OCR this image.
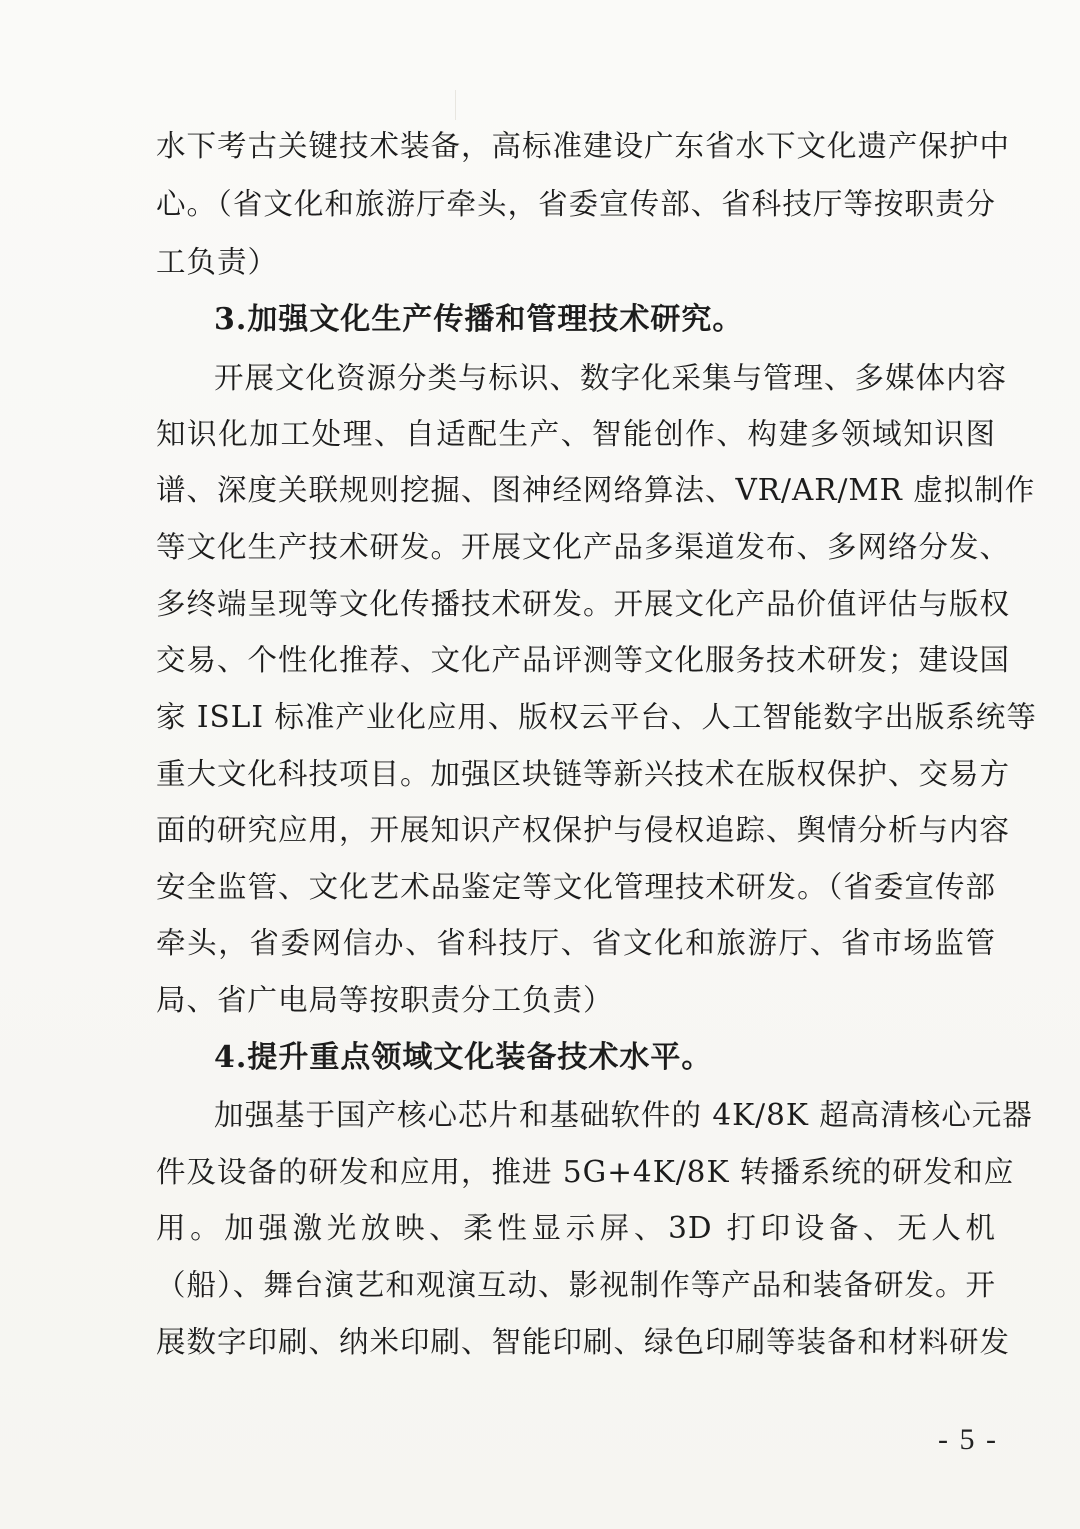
水下考古关键技术装备，高标准建设广东省水下文化遗产保护中
心。（省文化和旅游厅牵头，省委宣传部、省科技厅等按职责分
工负责）
3.加强文化生产传播和管理技术研究。
开展文化资源分类与标识、数字化采集与管理、多媒体内容
知识化加工处理、自适配生产、智能创作、构建多领域知识图
谱、深度关联规则挖掘、图神经网络算法、VR/AR/MR 虚拟制作
等文化生产技术研发。开展文化产品多渠道发布、多网络分发、
多终端呈现等文化传播技术研发。开展文化产品价值评估与版权
交易、个性化推荐、文化产品评测等文化服务技术研发；建设国
家 ISLI 标准产业化应用、版权云平台、人工智能数字出版系统等
重大文化科技项目。加强区块链等新兴技术在版权保护、交易方
面的研究应用，开展知识产权保护与侵权追踪、舆情分析与内容
安全监管、文化艺术品鉴定等文化管理技术研发。（省委宣传部
牵头，省委网信办、省科技厅、省文化和旅游厅、省市场监管
局、省广电局等按职责分工负责）
4.提升重点领域文化装备技术水平。
加强基于国产核心芯片和基础软件的 4K/8K 超高清核心元器
件及设备的研发和应用，推进 5G+4K/8K 转播系统的研发和应
用。加强激光放映、柔性显示屏、3D 打印设备、无人机
（船）、舞台演艺和观演互动、影视制作等产品和装备研发。开
展数字印刷、纳米印刷、智能印刷、绿色印刷等装备和材料研发
- 5 -
